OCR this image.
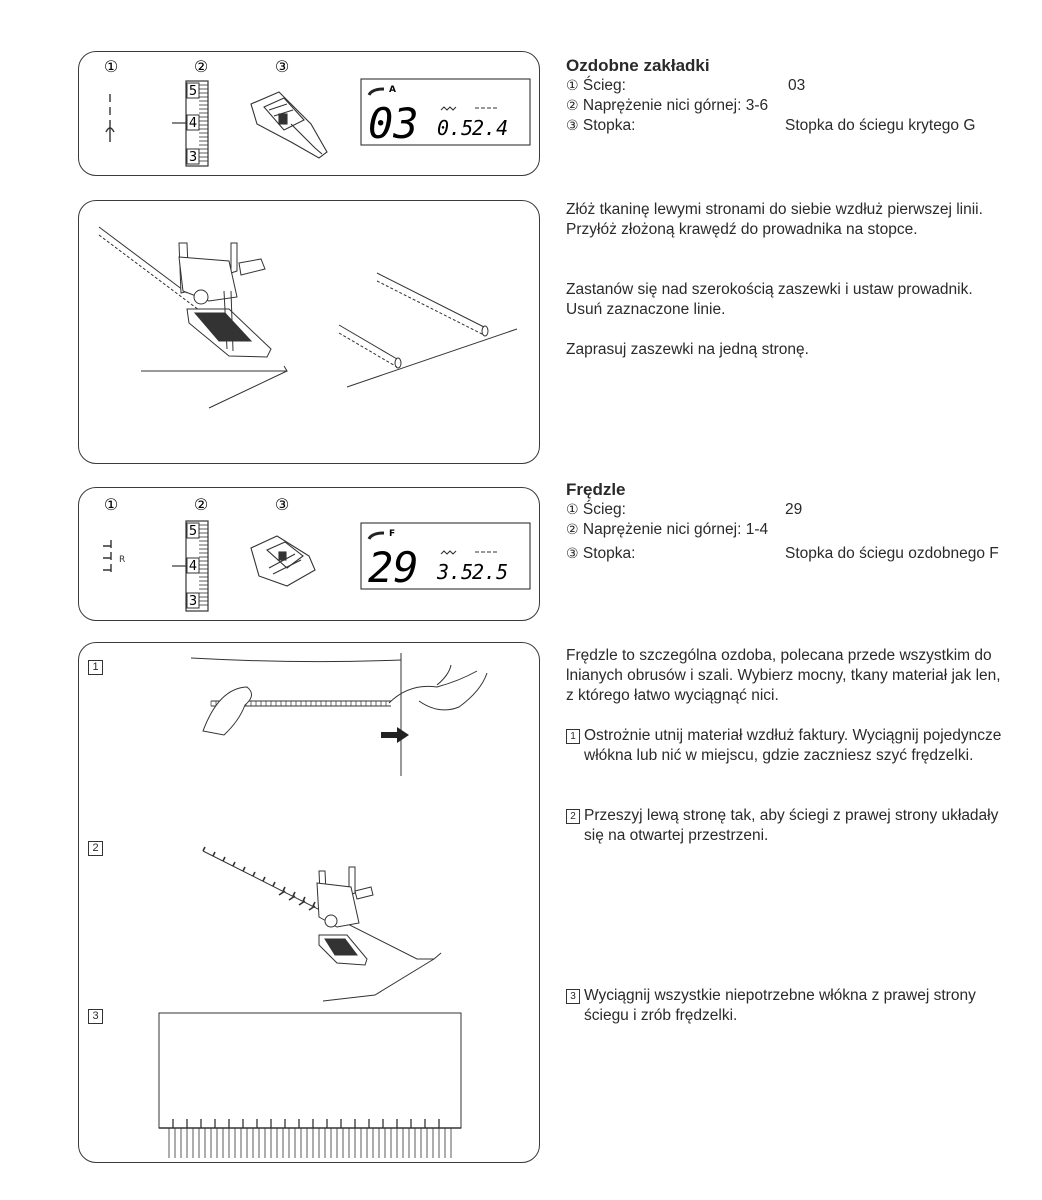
①	②	③
5
4
3
A
03 0.5
2.4
Ozdobne zakładki
① Ścieg:	03
② Naprężenie nici górnej: 3-6
③ Stopka:	Stopka do ściegu krytego G

Złóż tkaninę lewymi stronami do siebie wzdłuż pierwszej linii. Przyłóż złożoną krawędź do prowadnika na stopce.

Zastanów się nad szerokością zaszewki i ustaw prowadnik. Usuń zaznaczone linie.

Zaprasuj zaszewki na jedną stronę.

①	②	③
R
5
4
3
F
29 3.5
2.5
Frędzle
① Ścieg:	29
② Naprężenie nici górnej: 1-4
③ Stopka:	Stopka do ściegu ozdobnego F
1
2
3

Frędzle to szczególna ozdoba, polecana przede wszystkim do lnianych obrusów i szali. Wybierz mocny, tkany materiał jak len, z którego łatwo wyciągnąć nici.

1 Ostrożnie utnij materiał wzdłuż faktury. Wyciągnij pojedyncze włókna lub nić w miejscu, gdzie zaczniesz szyć frędzelki.
2 Przeszyj lewą stronę tak, aby ściegi z prawej strony układały się na otwartej przestrzeni.
3 Wyciągnij wszystkie niepotrzebne włókna z prawej strony ściegu i zrób frędzelki.
